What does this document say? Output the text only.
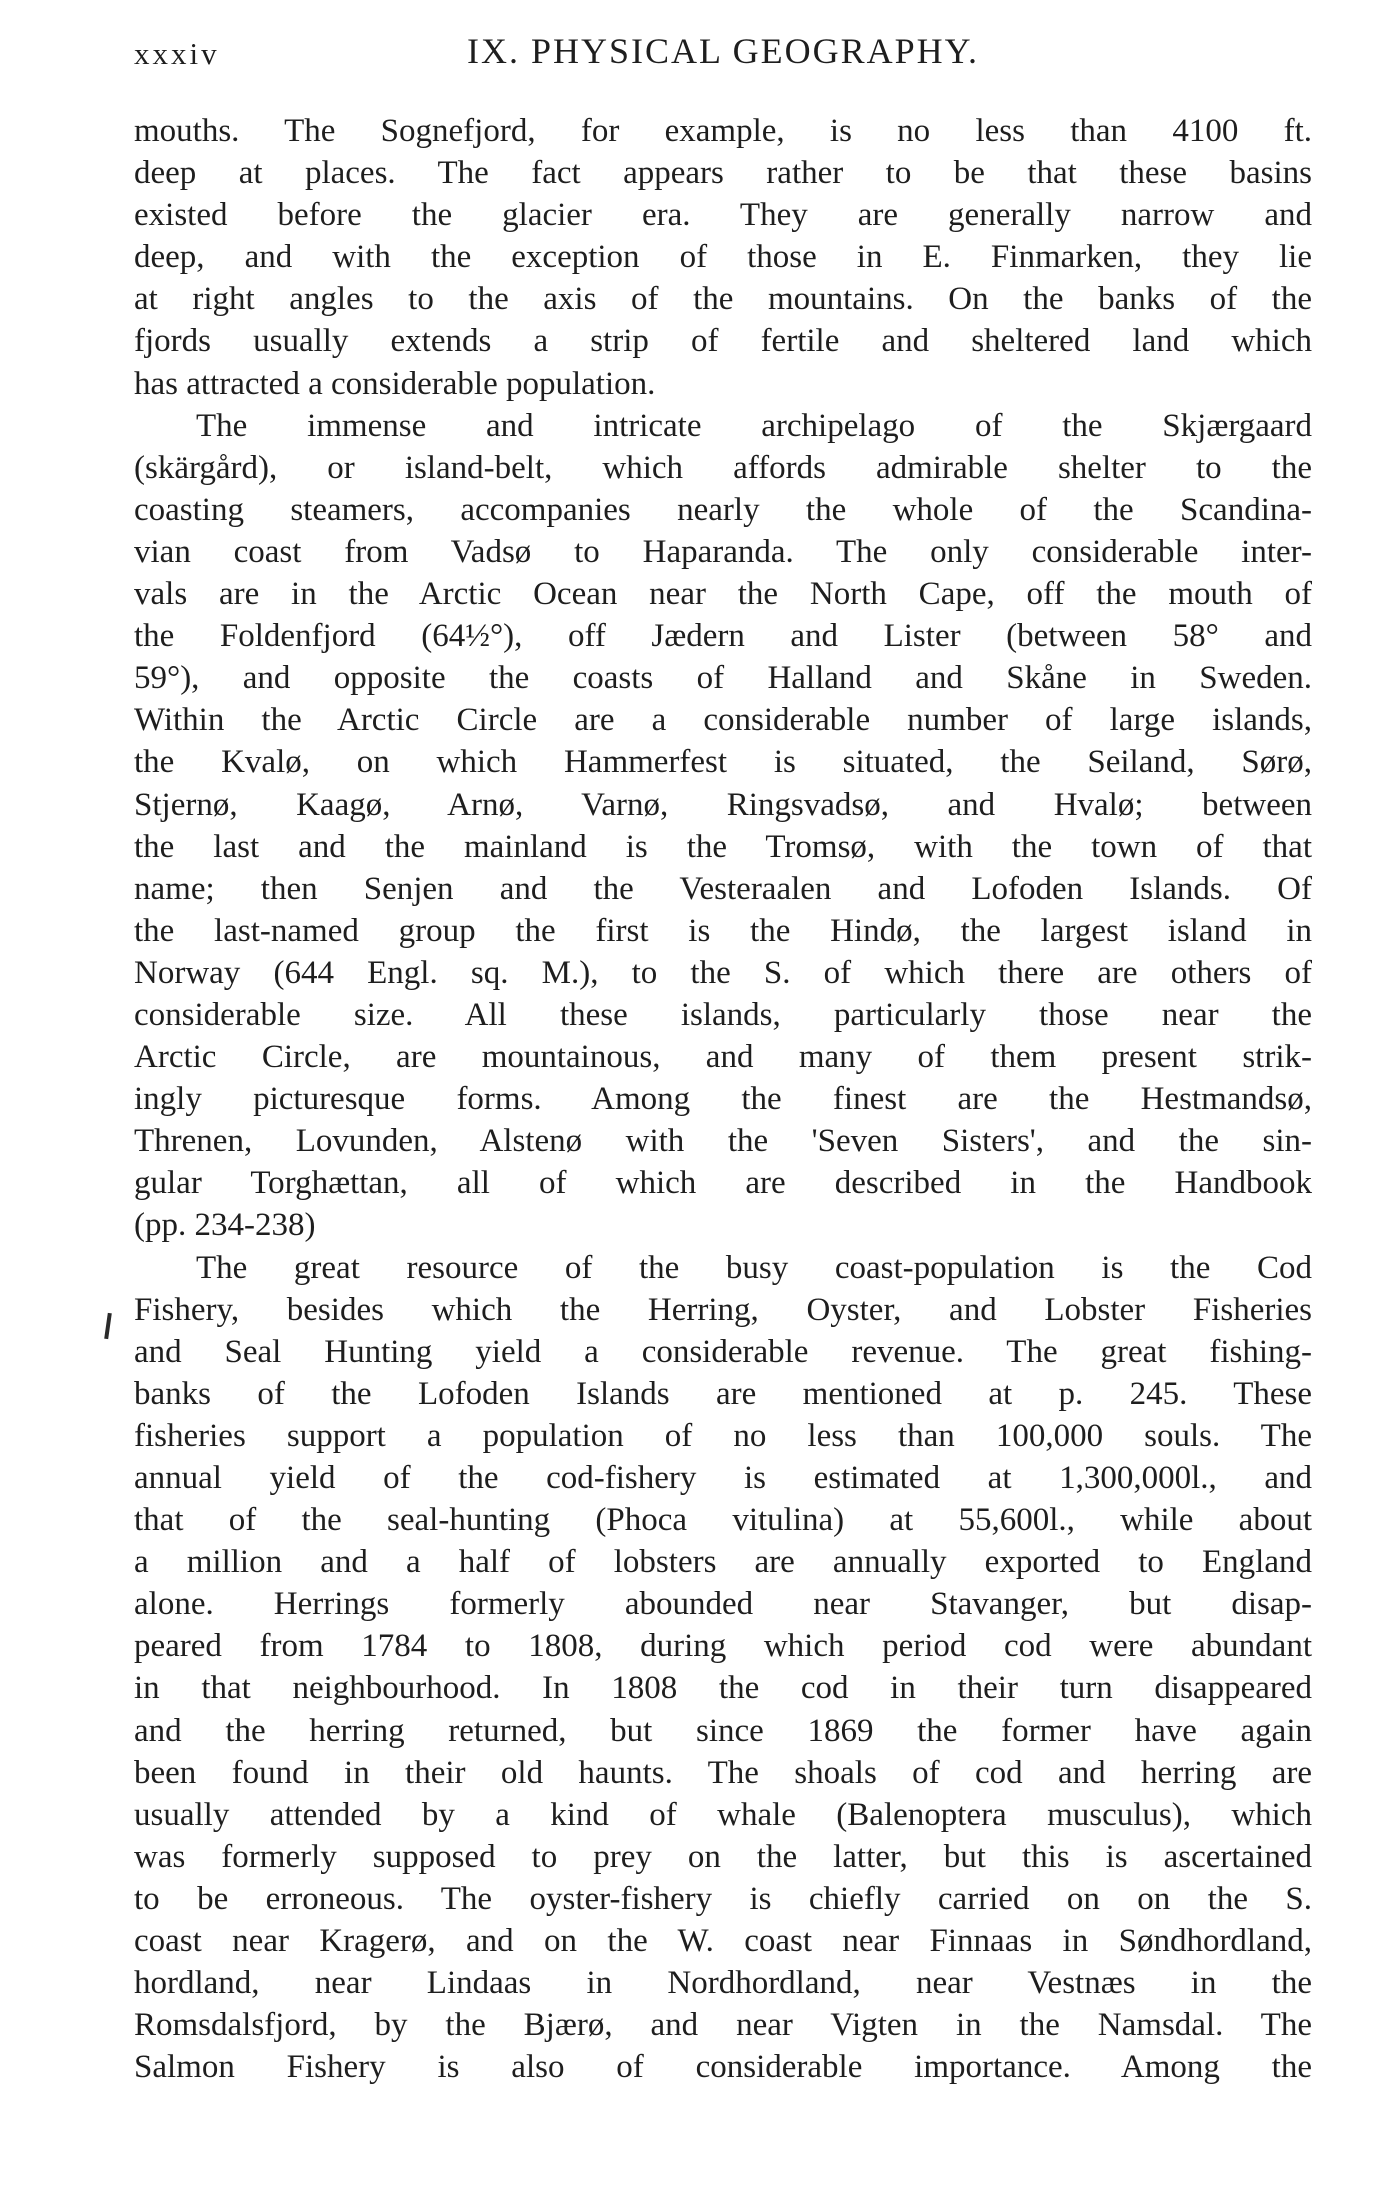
xxxiv	IX. PHYSICAL GEOGRAPHY.
mouths. The Sognefjord, for example, is no less than 4100 ft.
deep at places. The fact appears rather to be that these basins
existed before the glacier era. They are generally narrow and
deep, and with the exception of those in E. Finmarken, they lie
at right angles to the axis of the mountains. On the banks of the
fjords usually extends a strip of fertile and sheltered land which
has attracted a considerable population.
The immense and intricate archipelago of the Skjærgaard
(skärgård), or island-belt, which affords admirable shelter to the
coasting steamers, accompanies nearly the whole of the Scandina-
vian coast from Vadsø to Haparanda. The only considerable inter-
vals are in the Arctic Ocean near the North Cape, off the mouth of
the Foldenfjord (64½°), off Jædern and Lister (between 58° and
59°), and opposite the coasts of Halland and Skåne in Sweden.
Within the Arctic Circle are a considerable number of large islands,
the Kvalø, on which Hammerfest is situated, the Seiland, Sørø,
Stjernø, Kaagø, Arnø, Varnø, Ringsvadsø, and Hvalø; between
the last and the mainland is the Tromsø, with the town of that
name; then Senjen and the Vesteraalen and Lofoden Islands. Of
the last-named group the first is the Hindø, the largest island in
Norway (644 Engl. sq. M.), to the S. of which there are others of
considerable size. All these islands, particularly those near the
Arctic Circle, are mountainous, and many of them present strik-
ingly picturesque forms. Among the finest are the Hestmandsø,
Threnen, Lovunden, Alstenø with the 'Seven Sisters', and the sin-
gular Torghættan, all of which are described in the Handbook
(pp. 234-238)
The great resource of the busy coast-population is the Cod
Fishery, besides which the Herring, Oyster, and Lobster Fisheries
and Seal Hunting yield a considerable revenue. The great fishing-
banks of the Lofoden Islands are mentioned at p. 245. These
fisheries support a population of no less than 100,000 souls. The
annual yield of the cod-fishery is estimated at 1,300,000l., and
that of the seal-hunting (Phoca vitulina) at 55,600l., while about
a million and a half of lobsters are annually exported to England
alone. Herrings formerly abounded near Stavanger, but disap-
peared from 1784 to 1808, during which period cod were abundant
in that neighbourhood. In 1808 the cod in their turn disappeared
and the herring returned, but since 1869 the former have again
been found in their old haunts. The shoals of cod and herring are
usually attended by a kind of whale (Balenoptera musculus), which
was formerly supposed to prey on the latter, but this is ascertained
to be erroneous. The oyster-fishery is chiefly carried on on the S.
coast near Kragerø, and on the W. coast near Finnaas in Søndhordland,
hordland, near Lindaas in Nordhordland, near Vestnæs in the
Romsdalsfjord, by the Bjærø, and near Vigten in the Namsdal. The
Salmon Fishery is also of considerable importance. Among the
